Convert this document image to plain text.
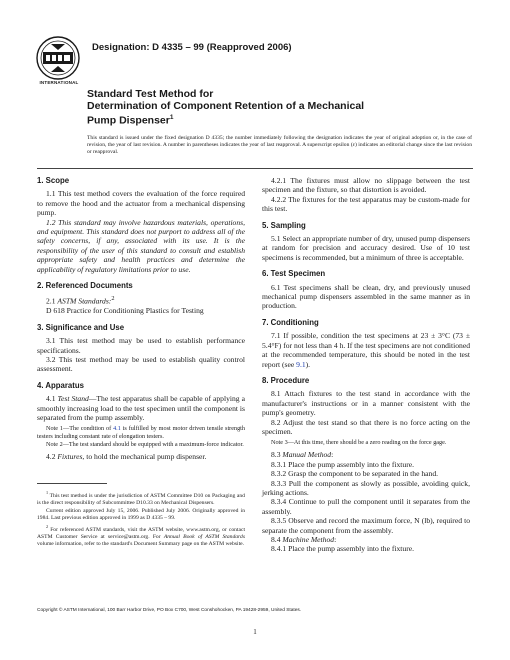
INTERNATIONAL
Designation: D 4335 – 99 (Reapproved 2006)
Standard Test Method for
Determination of Component Retention of a Mechanical
Pump Dispenser$^1$

This standard is issued under the fixed designation D 4335; the number immediately following the designation indicates the year of original adoption or, in the case of revision, the year of last revision. A number in parentheses indicates the year of last reapproval. A superscript epsilon (ε) indicates an editorial change since the last revision or reapproval.

1. Scope

1.1 This test method covers the evaluation of the force required to remove the hood and the actuator from a mechanical dispensing pump.

1.2 This standard may involve hazardous materials, operations, and equipment. This standard does not purport to address all of the safety concerns, if any, associated with its use. It is the responsibility of the user of this standard to consult and establish appropriate safety and health practices and determine the applicability of regulatory limitations prior to use.

2. Referenced Documents

2.1 ASTM Standards:$^2$

D 618 Practice for Conditioning Plastics for Testing

3. Significance and Use

3.1 This test method may be used to establish performance specifications.

3.2 This test method may be used to establish quality control assessment.

4. Apparatus

4.1 Test Stand—The test apparatus shall be capable of applying a smoothly increasing load to the test specimen until the component is separated from the pump assembly.

Note 1—The condition of 4.1 is fulfilled by most motor driven tensile strength testers including constant rate of elongation testers.

Note 2—The test standard should be equipped with a maximum-force indicator.

4.2 Fixtures, to hold the mechanical pump dispenser.

$^1$ This test method is under the jurisdiction of ASTM Committee D10 on Packaging and is the direct responsibility of Subcommittee D10.33 on Mechanical Dispensers.

Current edition approved July 15, 2006. Published July 2006. Originally approved in 1984. Last previous edition approved in 1999 as D 4335 – 99.

$^2$ For referenced ASTM standards, visit the ASTM website, www.astm.org, or contact ASTM Customer Service at service@astm.org. For Annual Book of ASTM Standards volume information, refer to the standard's Document Summary page on the ASTM website.

4.2.1 The fixtures must allow no slippage between the test specimen and the fixture, so that distortion is avoided.

4.2.2 The fixtures for the test apparatus may be custom-made for this test.

5. Sampling

5.1 Select an appropriate number of dry, unused pump dispensers at random for precision and accuracy desired. Use of 10 test specimens is recommended, but a minimum of three is acceptable.

6. Test Specimen

6.1 Test specimens shall be clean, dry, and previously unused mechanical pump dispensers assembled in the same manner as in production.

7. Conditioning

7.1 If possible, condition the test specimens at 23 ± 3°C (73 ± 5.4°F) for not less than 4 h. If the test specimens are not conditioned at the recommended temperature, this should be noted in the test report (see 9.1).

8. Procedure

8.1 Attach fixtures to the test stand in accordance with the manufacturer's instructions or in a manner consistent with the pump's geometry.

8.2 Adjust the test stand so that there is no force acting on the specimen.

Note 3—At this time, there should be a zero reading on the force gage.

8.3 Manual Method:

8.3.1 Place the pump assembly into the fixture.

8.3.2 Grasp the component to be separated in the hand.

8.3.3 Pull the component as slowly as possible, avoiding quick, jerking actions.

8.3.4 Continue to pull the component until it separates from the assembly.

8.3.5 Observe and record the maximum force, N (lb), required to separate the component from the assembly.

8.4 Machine Method:

8.4.1 Place the pump assembly into the fixture.

Copyright © ASTM International, 100 Barr Harbor Drive, PO Box C700, West Conshohocken, PA 19428-2959, United States.
1
